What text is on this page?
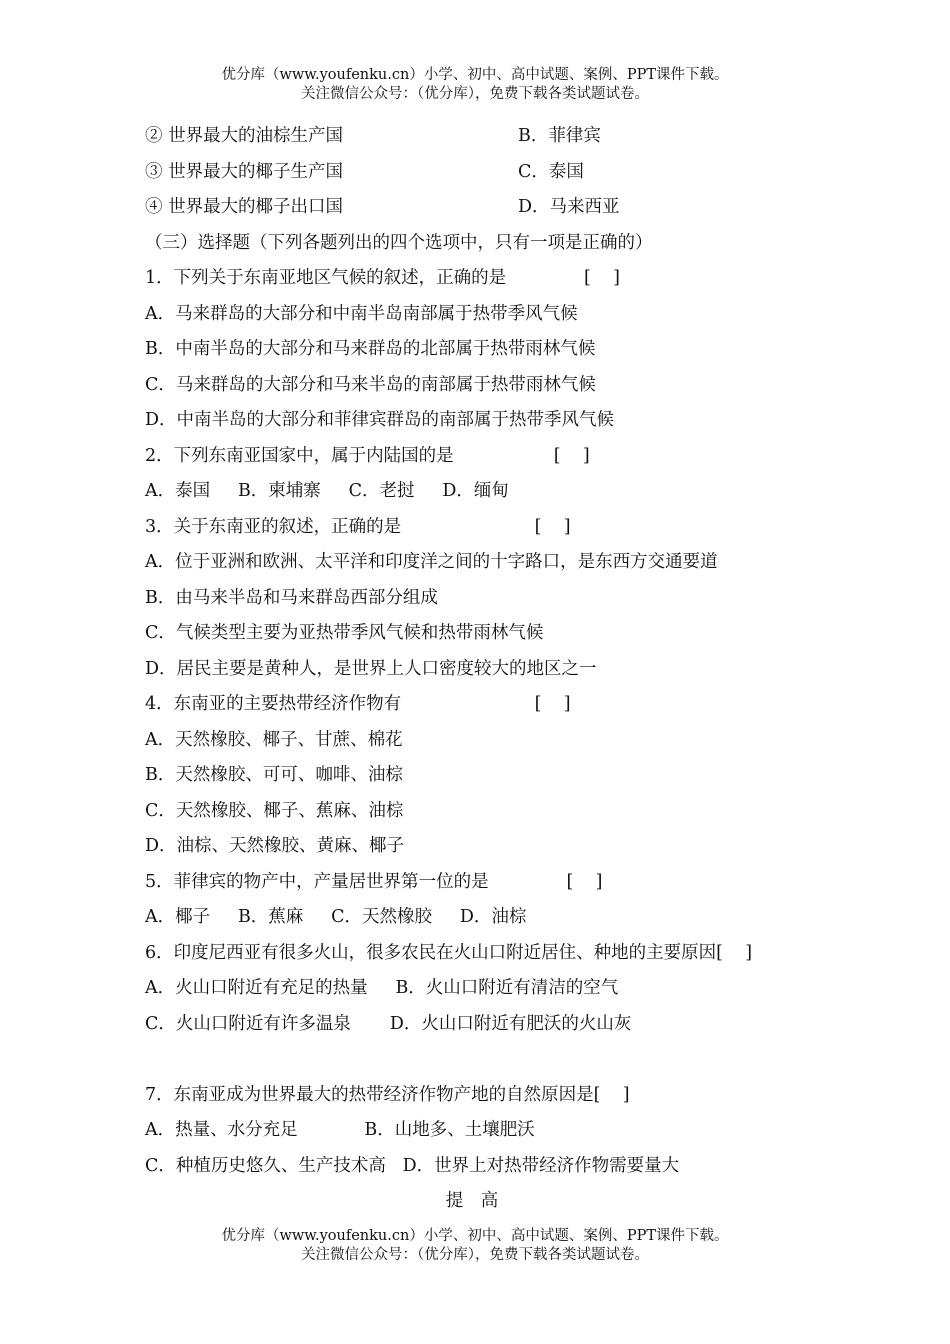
优分库（www.youfenku.cn）小学、初中、高中试题、案例、PPT课件下载。
关注微信公众号：（优分库），免费下载各类试题试卷。
② 世界最大的油棕生产国	B．菲律宾
③ 世界最大的椰子生产国	C．泰国
④ 世界最大的椰子出口国	D．马来西亚
（三）选择题（下列各题列出的四个选项中，只有一项是正确的）
1．下列关于东南亚地区气候的叙述，正确的是              [    ]
A．马来群岛的大部分和中南半岛南部属于热带季风气候
B．中南半岛的大部分和马来群岛的北部属于热带雨林气候
C．马来群岛的大部分和马来半岛的南部属于热带雨林气候
D．中南半岛的大部分和菲律宾群岛的南部属于热带季风气候
2．下列东南亚国家中，属于内陆国的是                  [    ]
A．泰国     B．柬埔寨     C．老挝     D．缅甸
3．关于东南亚的叙述，正确的是                        [    ]
A．位于亚洲和欧洲、太平洋和印度洋之间的十字路口，是东西方交通要道
B．由马来半岛和马来群岛西部分组成
C．气候类型主要为亚热带季风气候和热带雨林气候
D．居民主要是黄种人，是世界上人口密度较大的地区之一
4．东南亚的主要热带经济作物有                        [    ]
A．天然橡胶、椰子、甘蔗、棉花
B．天然橡胶、可可、咖啡、油棕
C．天然橡胶、椰子、蕉麻、油棕
D．油棕、天然橡胶、黄麻、椰子
5．菲律宾的物产中，产量居世界第一位的是              [    ]
A．椰子     B．蕉麻     C．天然橡胶     D．油棕
6．印度尼西亚有很多火山，很多农民在火山口附近居住、种地的主要原因[    ]
A．火山口附近有充足的热量     B．火山口附近有清洁的空气
C．火山口附近有许多温泉       D．火山口附近有肥沃的火山灰
7．东南亚成为世界最大的热带经济作物产地的自然原因是[    ]
A．热量、水分充足            B．山地多、土壤肥沃
C．种植历史悠久、生产技术高   D．世界上对热带经济作物需要量大
提 高
优分库（www.youfenku.cn）小学、初中、高中试题、案例、PPT课件下载。
关注微信公众号：（优分库），免费下载各类试题试卷。
